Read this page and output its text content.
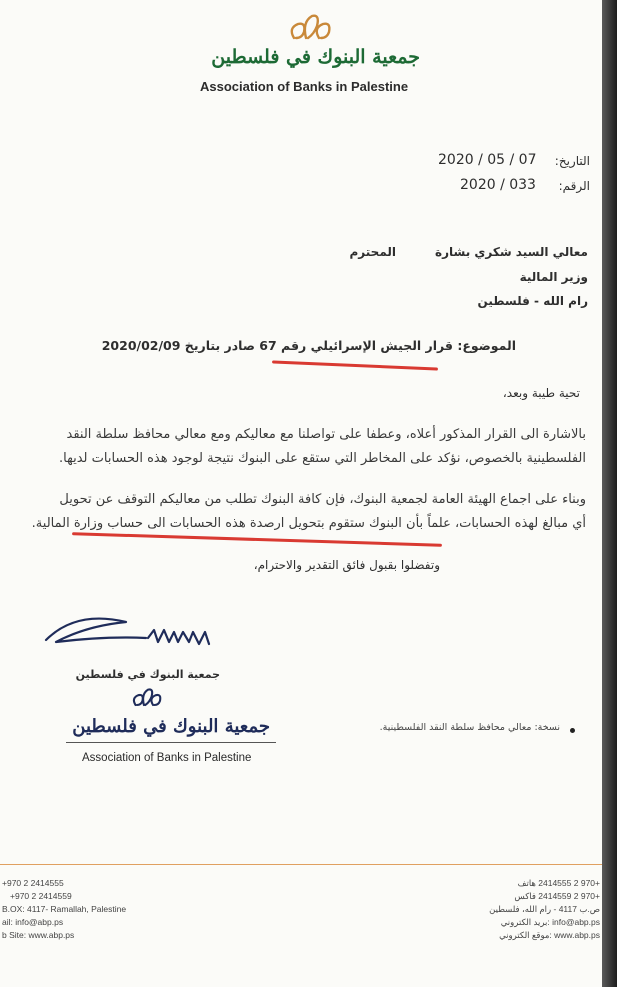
جمعية البنوك في فلسطين
Association of Banks in Palestine
التاريخ:
2020 / 05 / 07
الرقم:
2020 / 033
معالي السيد شكري بشارة
المحترم
وزير المالية
رام الله - فلسطين
الموضوع: قرار الجيش الإسرائيلي رقم 67 صادر بتاريخ 2020/02/09
تحية طيبة وبعد،
بالاشارة الى القرار المذكور أعلاه، وعطفا على تواصلنا مع معاليكم ومع معالي محافظ سلطة النقد
الفلسطينية بالخصوص، نؤكد على المخاطر التي ستقع على البنوك نتيجة لوجود هذه الحسابات لديها.
وبناء على اجماع الهيئة العامة لجمعية البنوك، فإن كافة البنوك تطلب من معاليكم التوقف عن تحويل
أي مبالغ لهذه الحسابات، علماً بأن البنوك ستقوم بتحويل ارصدة هذه الحسابات الى حساب وزارة المالية.
وتفضلوا بقبول فائق التقدير والاحترام،
جمعية البنوك في فلسطين
جمعية البنوك في فلسطين
Association of Banks in Palestine
نسخة: معالي محافظ سلطة النقد الفلسطينية.
+970 2 2414555
+970 2 2414559
B.OX: 4117- Ramallah, Palestine
ail: info@abp.ps
b Site: www.abp.ps
+970 2 2414555 هاتف
+970 2 2414559 فاكس
ص.ب 4117 - رام الله، فلسطين
info@abp.ps :بريد الكتروني
www.abp.ps :موقع الكتروني
